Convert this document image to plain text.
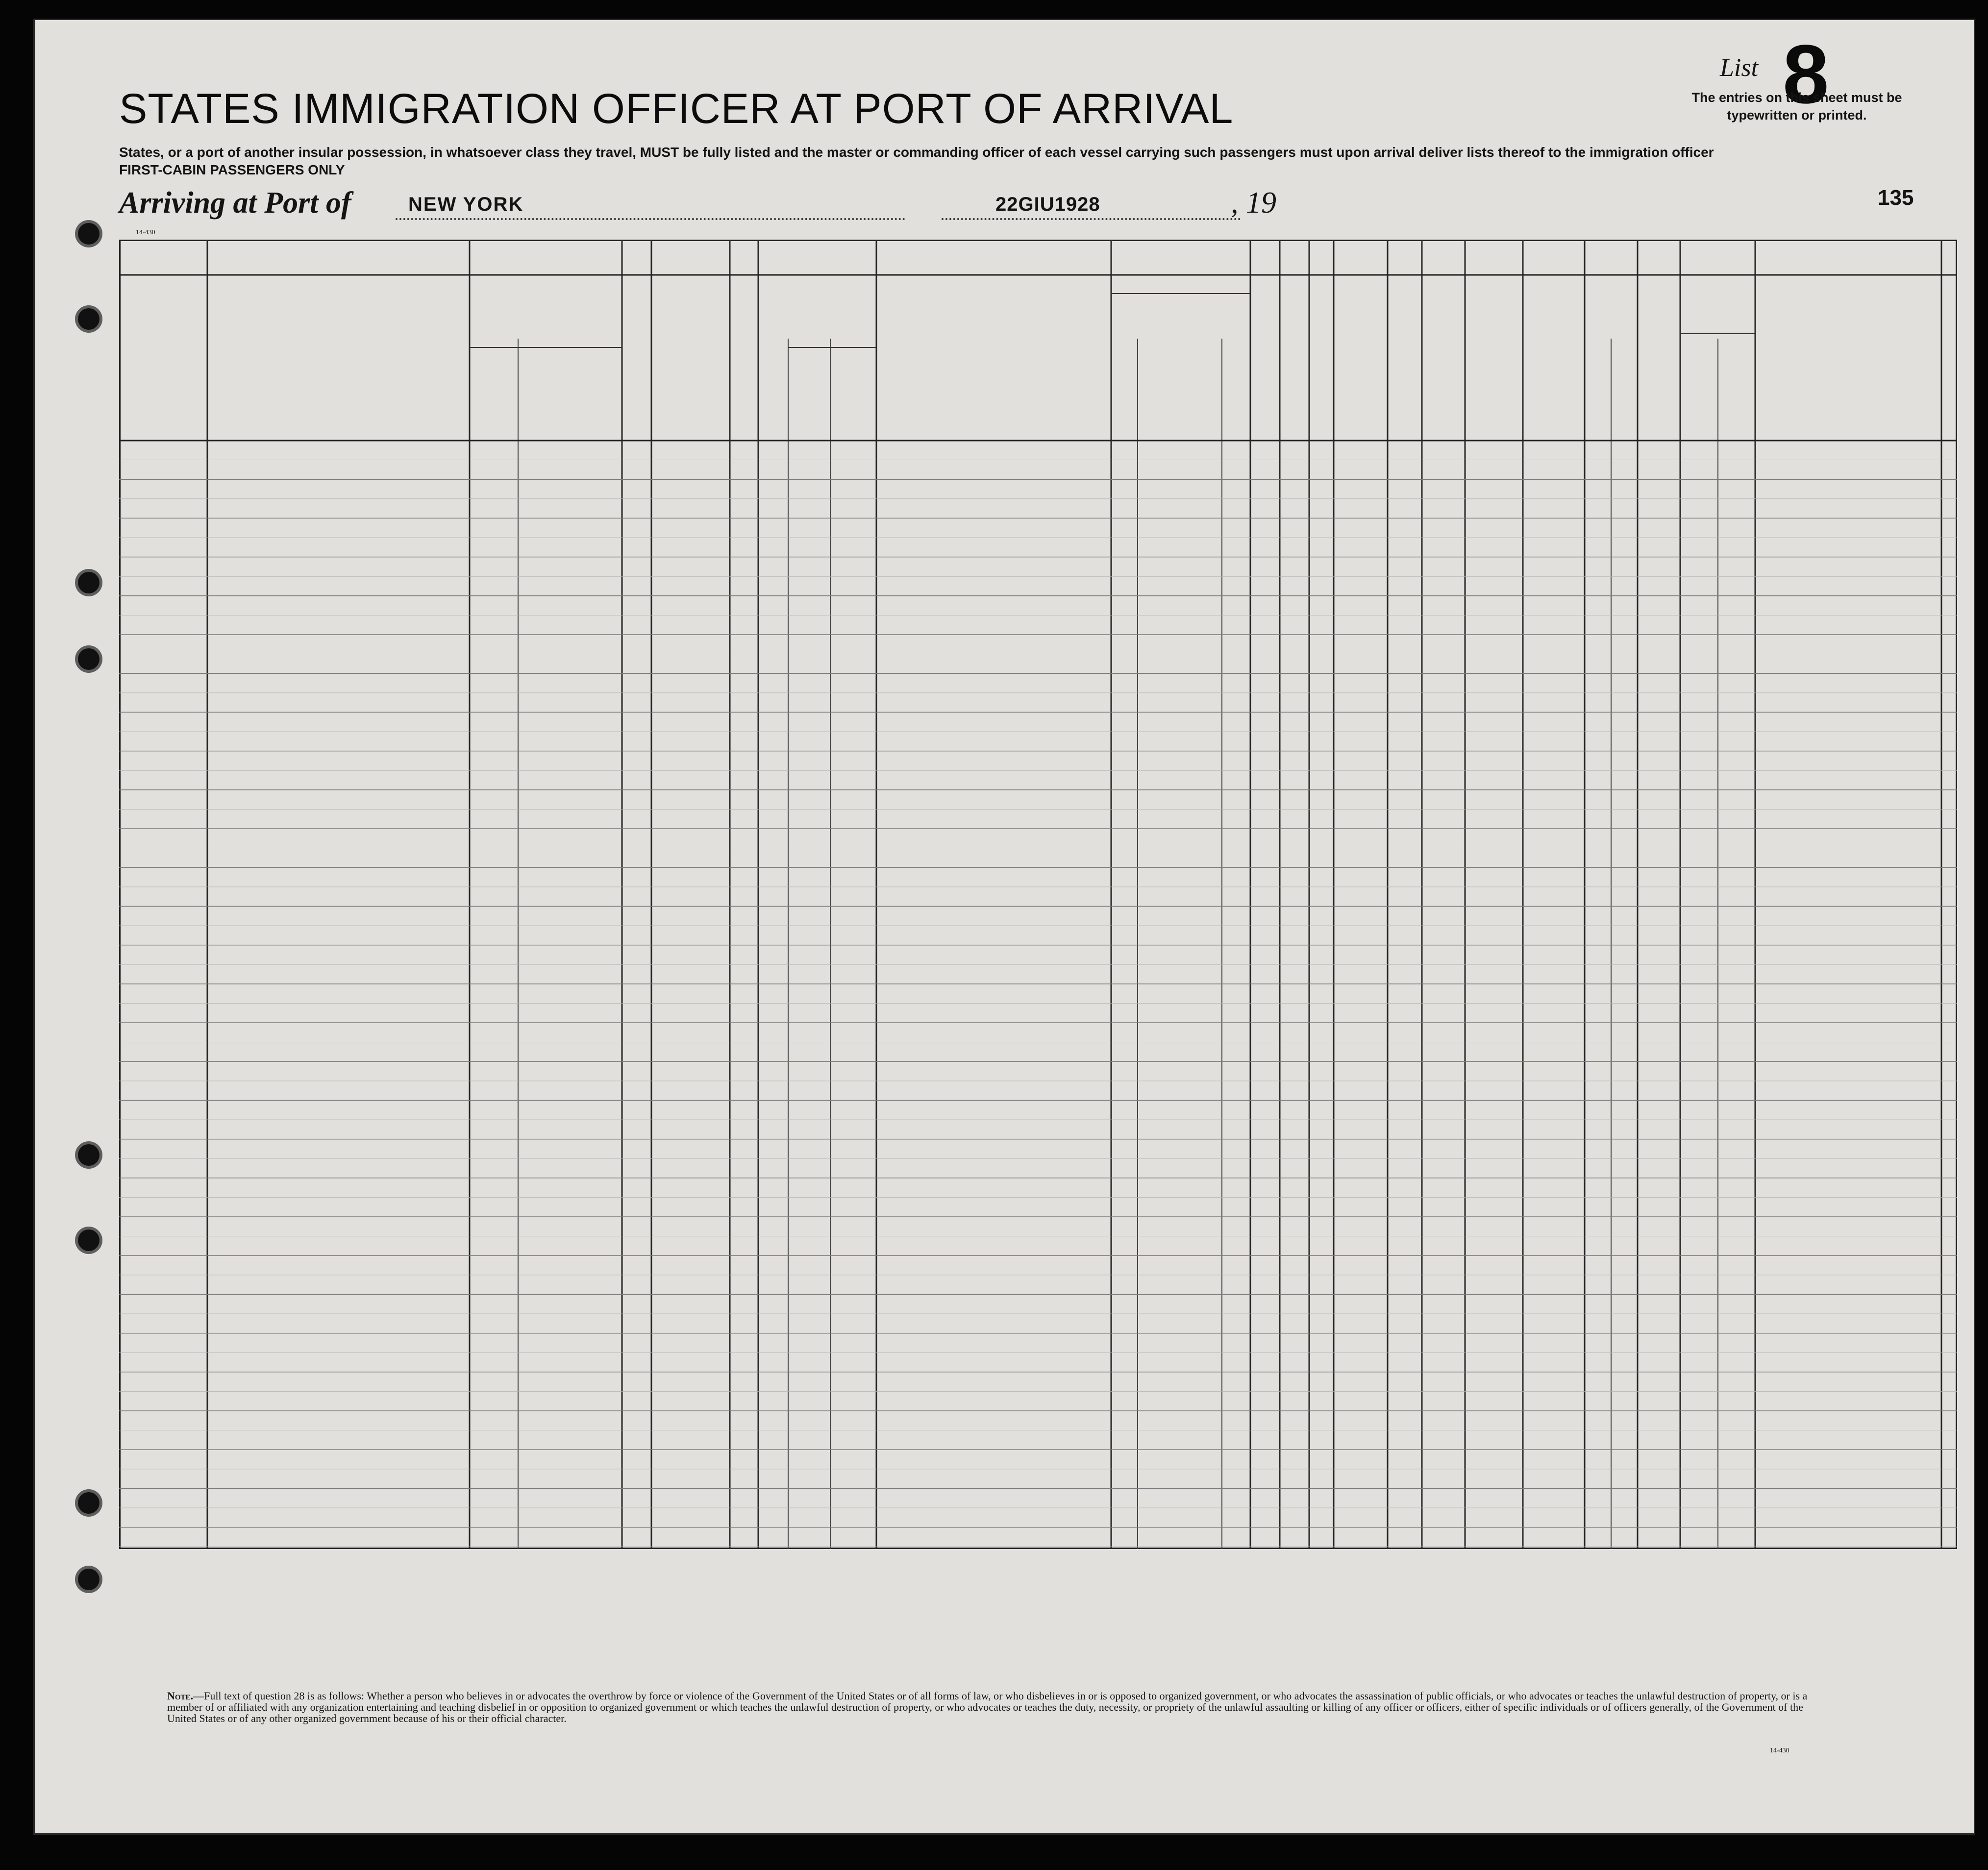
List 8
The entries on this sheet must be typewritten or printed.
STATES IMMIGRATION OFFICER AT PORT OF ARRIVAL
States, or a port of another insular possession, in whatsoever class they travel, MUST be fully listed and the master or commanding officer of each vessel carrying such passengers must upon arrival deliver lists thereof to the immigration officer
FIRST-CABIN PASSENGERS ONLY
Arriving at Port of	NEW YORK	22GIU1928	, 19	135
14-430
Note.—Full text of question 28 is as follows: Whether a person who believes in or advocates the overthrow by force or violence of the Government of the United States or of all forms of law, or who disbelieves in or is opposed to organized government, or who advocates the assassination of public officials, or who advocates or teaches the unlawful destruction of property, or is a member of or affiliated with any organization entertaining and teaching disbelief in or opposition to organized government or which teaches the unlawful destruction of property, or who advocates or teaches the duty, necessity, or propriety of the unlawful assaulting or killing of any officer or officers, either of specific individuals or of officers generally, of the Government of the United States or of any other organized government because of his or their official character.
14-430
